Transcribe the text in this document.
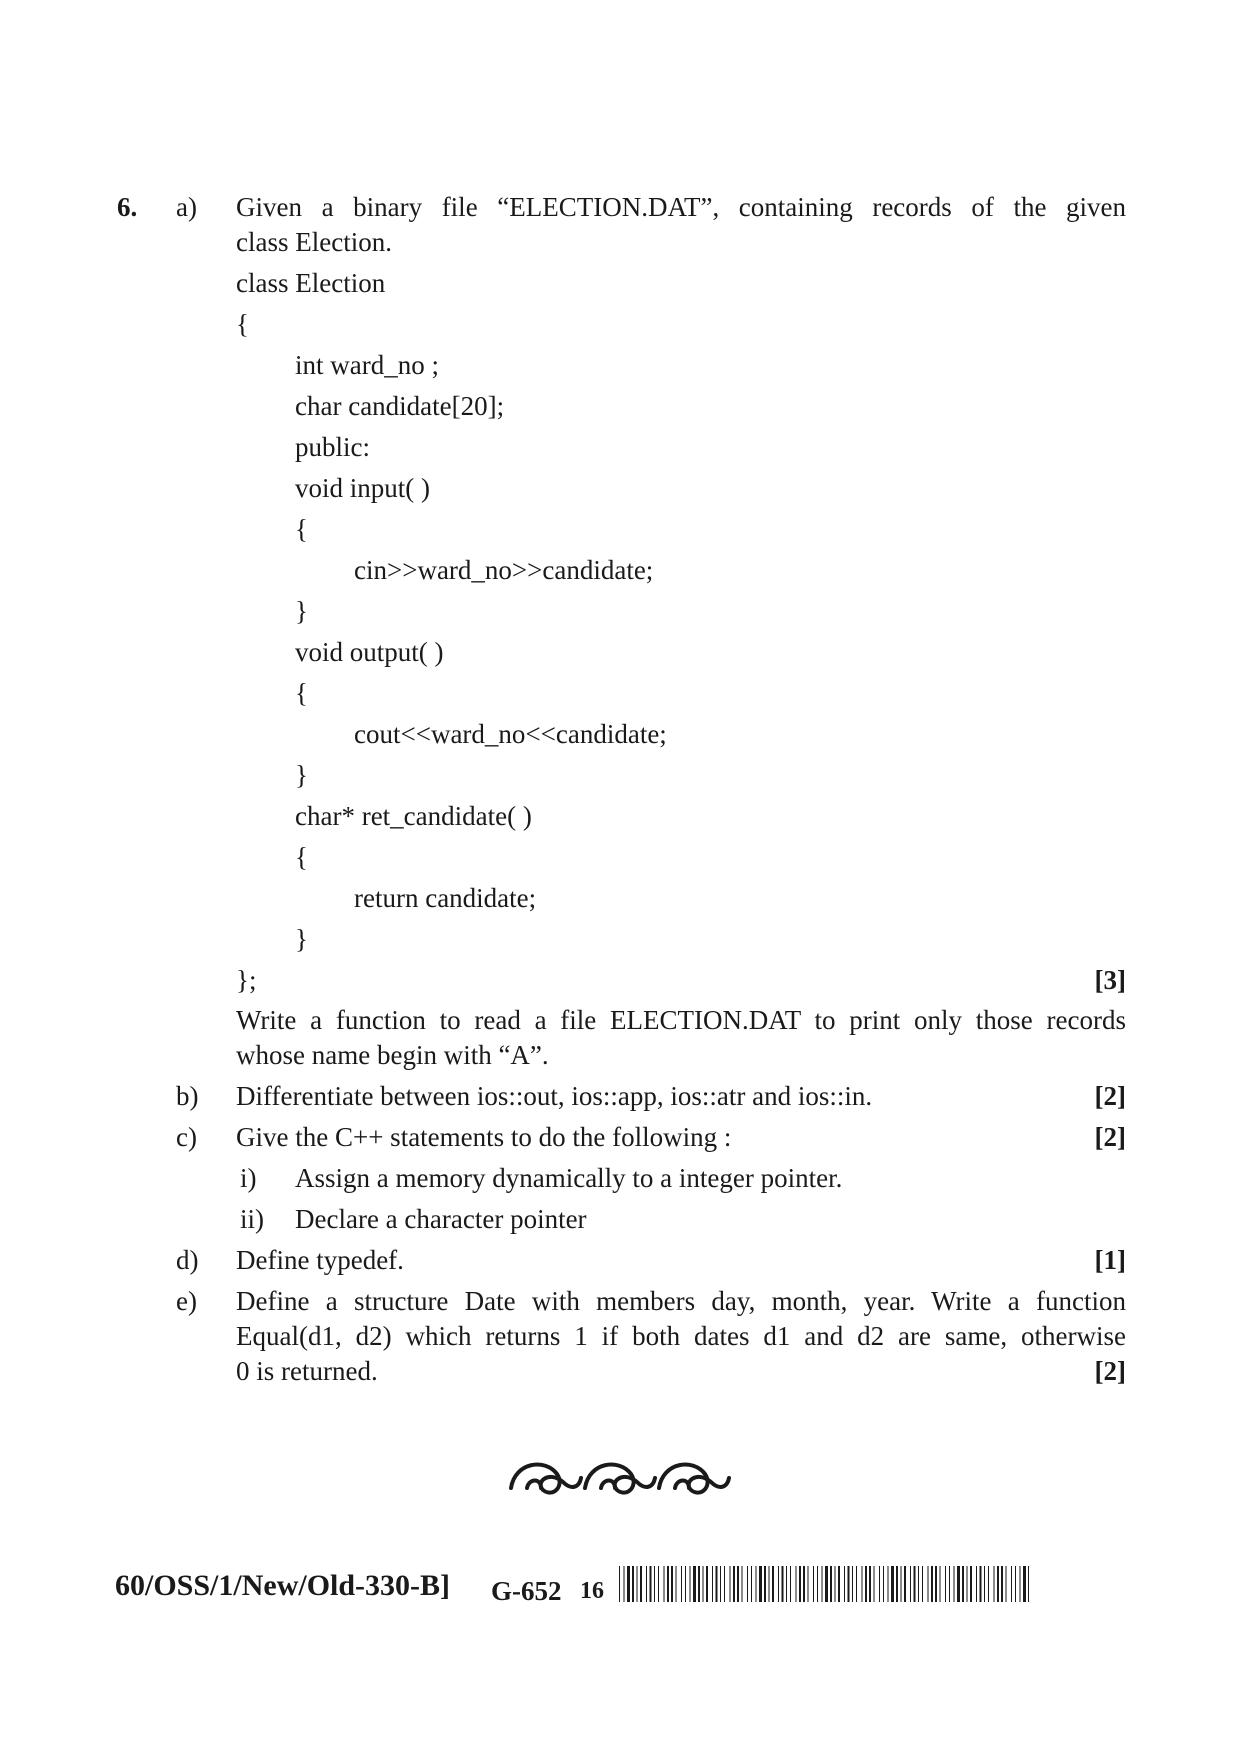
6. a) Given a binary file “ELECTION.DAT”, containing records of the given
class Election.
class Election
{
int ward_no ;
char candidate[20];
public:
void input( )
{
cin>>ward_no>>candidate;
}
void output( )
{
cout<<ward_no<<candidate;
}
char* ret_candidate( )
{
return candidate;
}
};	[3]
Write a function to read a file ELECTION.DAT to print only those records
whose name begin with “A”.
b) Differentiate between ios::out, ios::app, ios::atr and ios::in.	[2]
c) Give the C++ statements to do the following :	[2]
i) Assign a memory dynamically to a integer pointer.
ii) Declare a character pointer
d) Define typedef.	[1]
e) Define a structure Date with members day, month, year. Write a function
Equal(d1, d2) which returns 1 if both dates d1 and d2 are same, otherwise
0 is returned.	[2]
60/OSS/1/New/Old-330-B] G-652 16
